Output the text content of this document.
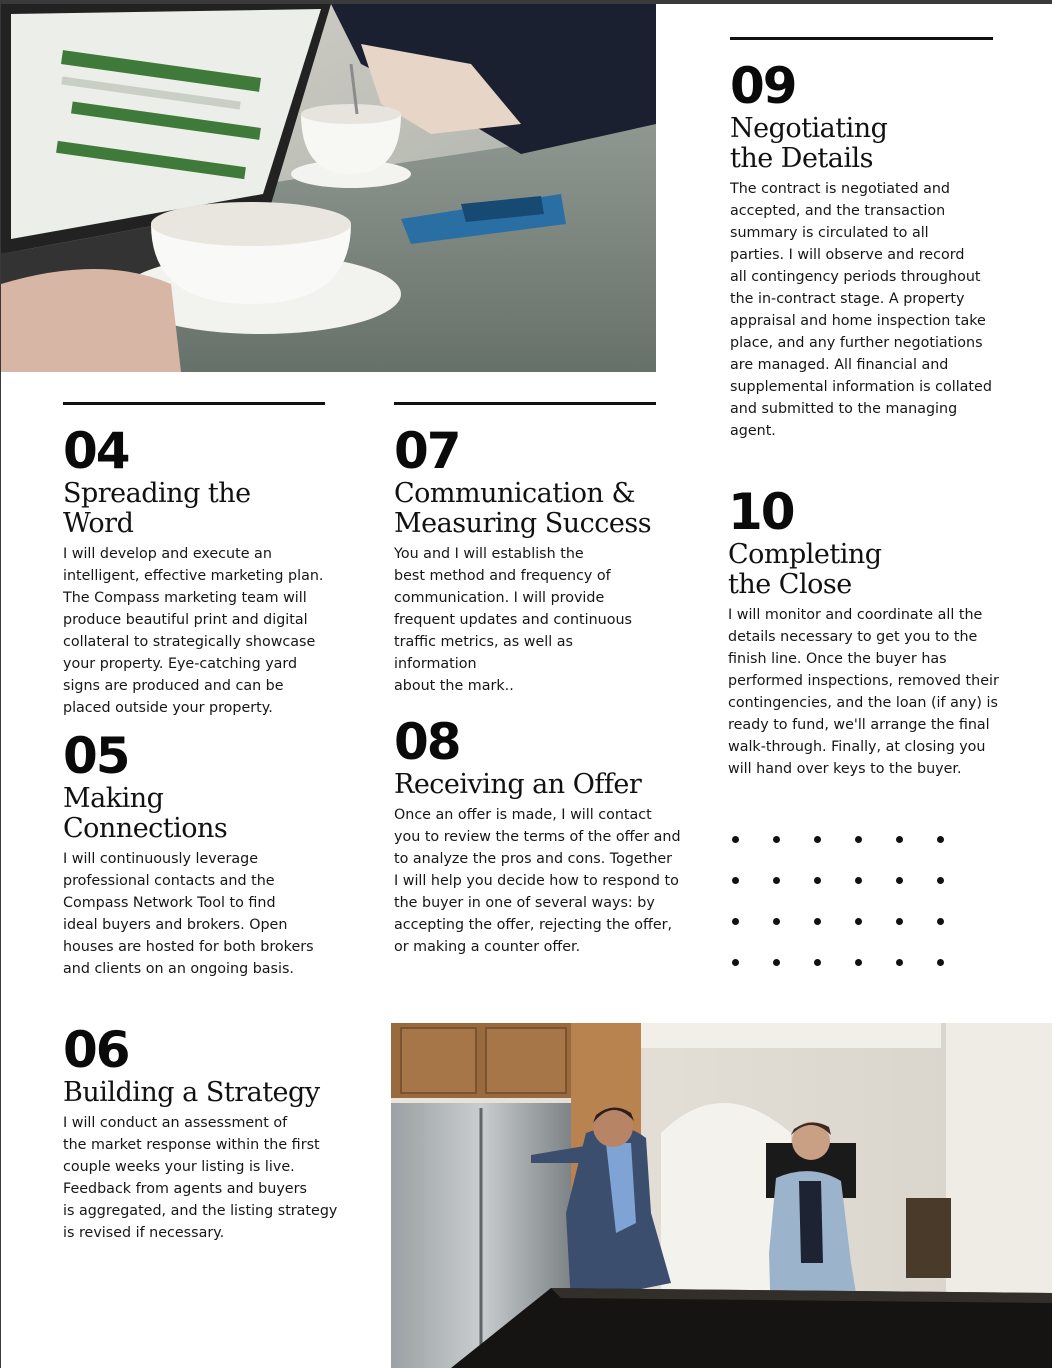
04
Spreading the Word

I will develop and execute an
intelligent, effective marketing plan.
The Compass marketing team will
produce beautiful print and digital
collateral to strategically showcase
your property. Eye-catching yard
signs are produced and can be
placed outside your property.

05
Making
Connections

I will continuously leverage
professional contacts and the
Compass Network Tool to find
ideal buyers and brokers. Open
houses are hosted for both brokers
and clients on an ongoing basis.

06
Building a Strategy

I will conduct an assessment of
the market response within the first
couple weeks your listing is live.
Feedback from agents and buyers
is aggregated, and the listing strategy
is revised if necessary.

07
Communication &
Measuring Success

You and I will establish the
best method and frequency of
communication. I will provide
frequent updates and continuous
traffic metrics, as well as information
about the mark..

08
Receiving an Offer

Once an offer is made, I will contact
you to review the terms of the offer and
to analyze the pros and cons. Together
I will help you decide how to respond to
the buyer in one of several ways: by
accepting the offer, rejecting the offer,
or making a counter offer.

09
Negotiating
the Details

The contract is negotiated and
accepted, and the transaction
summary is circulated to all
parties. I will observe and record
all contingency periods throughout
the in-contract stage. A property
appraisal and home inspection take
place, and any further negotiations
are managed. All financial and
supplemental information is collated
and submitted to the managing
agent.

10
Completing
the Close

I will monitor and coordinate all the
details necessary to get you to the
finish line. Once the buyer has
performed inspections, removed their
contingencies, and the loan (if any) is
ready to fund, we'll arrange the final
walk-through. Finally, at closing you
will hand over keys to the buyer.
